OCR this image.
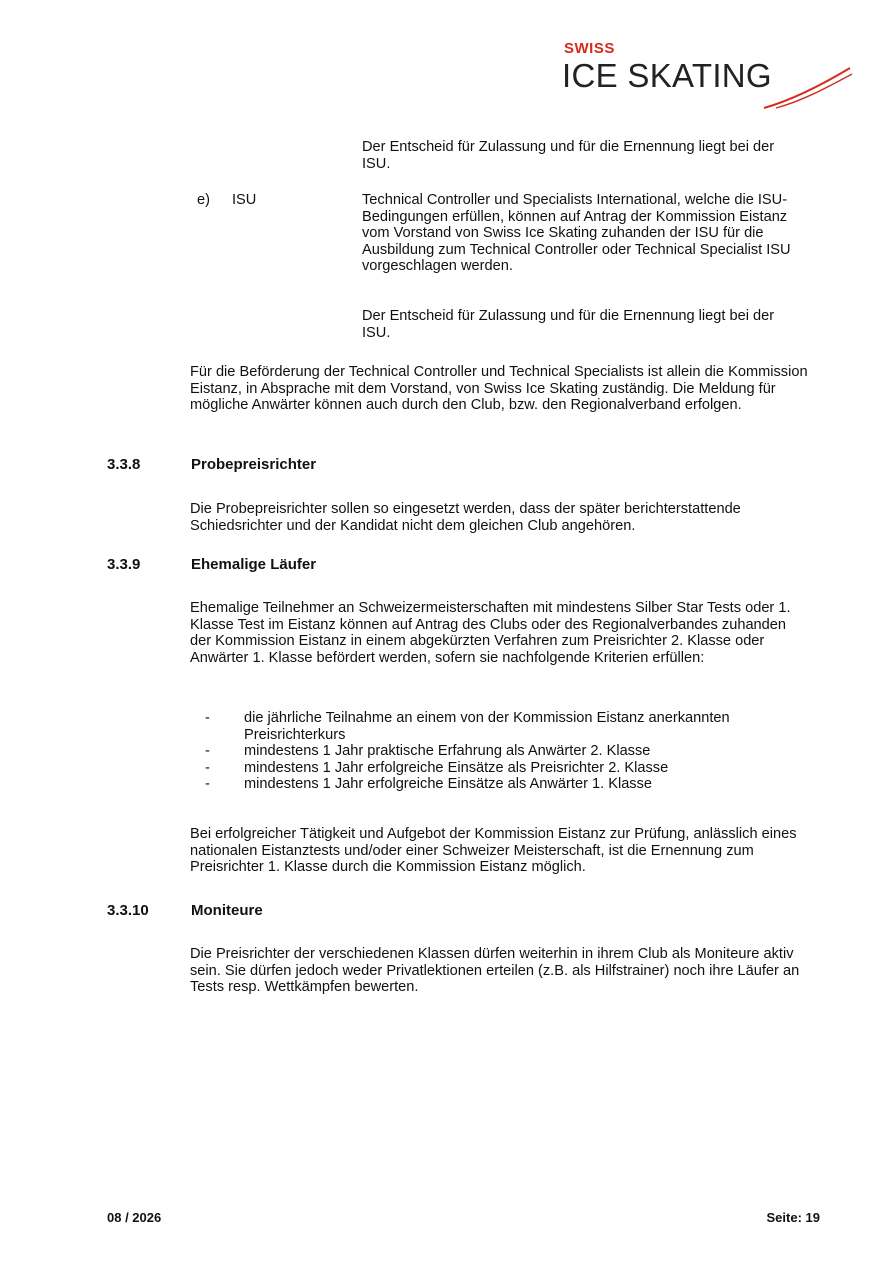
SWISS
ICE SKATING

Der Entscheid für Zulassung und für die Ernennung liegt bei der ISU.

e) ISU	Technical Controller und Specialists International, welche die ISU-Bedingungen erfüllen, können auf Antrag der Kommission Eistanz vom Vorstand von Swiss Ice Skating zuhanden der ISU für die Ausbildung zum Technical Controller oder Technical Specialist ISU vorgeschlagen werden.

Der Entscheid für Zulassung und für die Ernennung liegt bei der ISU.

Für die Beförderung der Technical Controller und Technical Specialists ist allein die Kommission Eistanz, in Absprache mit dem Vorstand, von Swiss Ice Skating zuständig. Die Meldung für mögliche Anwärter können auch durch den Club, bzw. den Regionalverband erfolgen.

3.3.8	Probepreisrichter

Die Probepreisrichter sollen so eingesetzt werden, dass der später berichterstattende Schiedsrichter und der Kandidat nicht dem gleichen Club angehören.

3.3.9	Ehemalige Läufer

Ehemalige Teilnehmer an Schweizermeisterschaften mit mindestens Silber Star Tests oder 1. Klasse Test im Eistanz können auf Antrag des Clubs oder des Regionalverbandes zuhanden der Kommission Eistanz in einem abgekürzten Verfahren zum Preisrichter 2. Klasse oder Anwärter 1. Klasse befördert werden, sofern sie nachfolgende Kriterien erfüllen:

- die jährliche Teilnahme an einem von der Kommission Eistanz anerkannten Preisrichterkurs
- mindestens 1 Jahr praktische Erfahrung als Anwärter 2. Klasse
- mindestens 1 Jahr erfolgreiche Einsätze als Preisrichter 2. Klasse
- mindestens 1 Jahr erfolgreiche Einsätze als Anwärter 1. Klasse

Bei erfolgreicher Tätigkeit und Aufgebot der Kommission Eistanz zur Prüfung, anlässlich eines nationalen Eistanztests und/oder einer Schweizer Meisterschaft, ist die Ernennung zum Preisrichter 1. Klasse durch die Kommission Eistanz möglich.

3.3.10	Moniteure

Die Preisrichter der verschiedenen Klassen dürfen weiterhin in ihrem Club als Moniteure aktiv sein. Sie dürfen jedoch weder Privatlektionen erteilen (z.B. als Hilfstrainer) noch ihre Läufer an Tests resp. Wettkämpfen bewerten.

08 / 2026	Seite: 19
